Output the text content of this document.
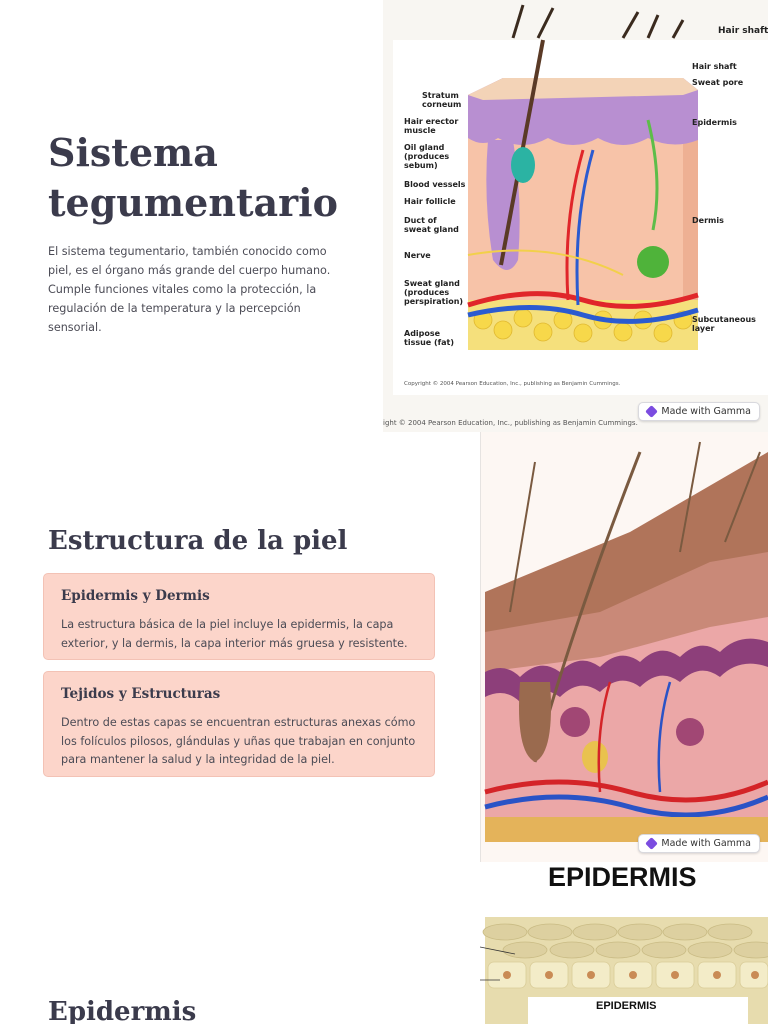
Sistema tegumentario

El sistema tegumentario, también conocido como piel, es el órgano más grande del cuerpo humano. Cumple funciones vitales como la protección, la regulación de la temperatura y la percepción sensorial.

Stratum corneum
Hair erector muscle
Oil gland (produces sebum)
Blood vessels
Hair follicle
Duct of sweat gland
Nerve
Sweat gland (produces perspiration)
Adipose tissue (fat)
Hair shaft
Sweat pore
Epidermis
Dermis
Subcutaneous layer
Hair shaft
Copyright © 2004 Pearson Education, Inc., publishing as Benjamin Cummings.
ight © 2004 Pearson Education, Inc., publishing as Benjamin Cummings.
Made with Gamma
Estructura de la piel
Epidermis y Dermis

La estructura básica de la piel incluye la epidermis, la capa exterior, y la dermis, la capa interior más gruesa y resistente.

Tejidos y Estructuras

Dentro de estas capas se encuentran estructuras anexas cómo los folículos pilosos, glándulas y uñas que trabajan en conjunto para mantener la salud y la integridad de la piel.

Made with Gamma
Epidermis
EPIDERMIS
EPIDERMIS
